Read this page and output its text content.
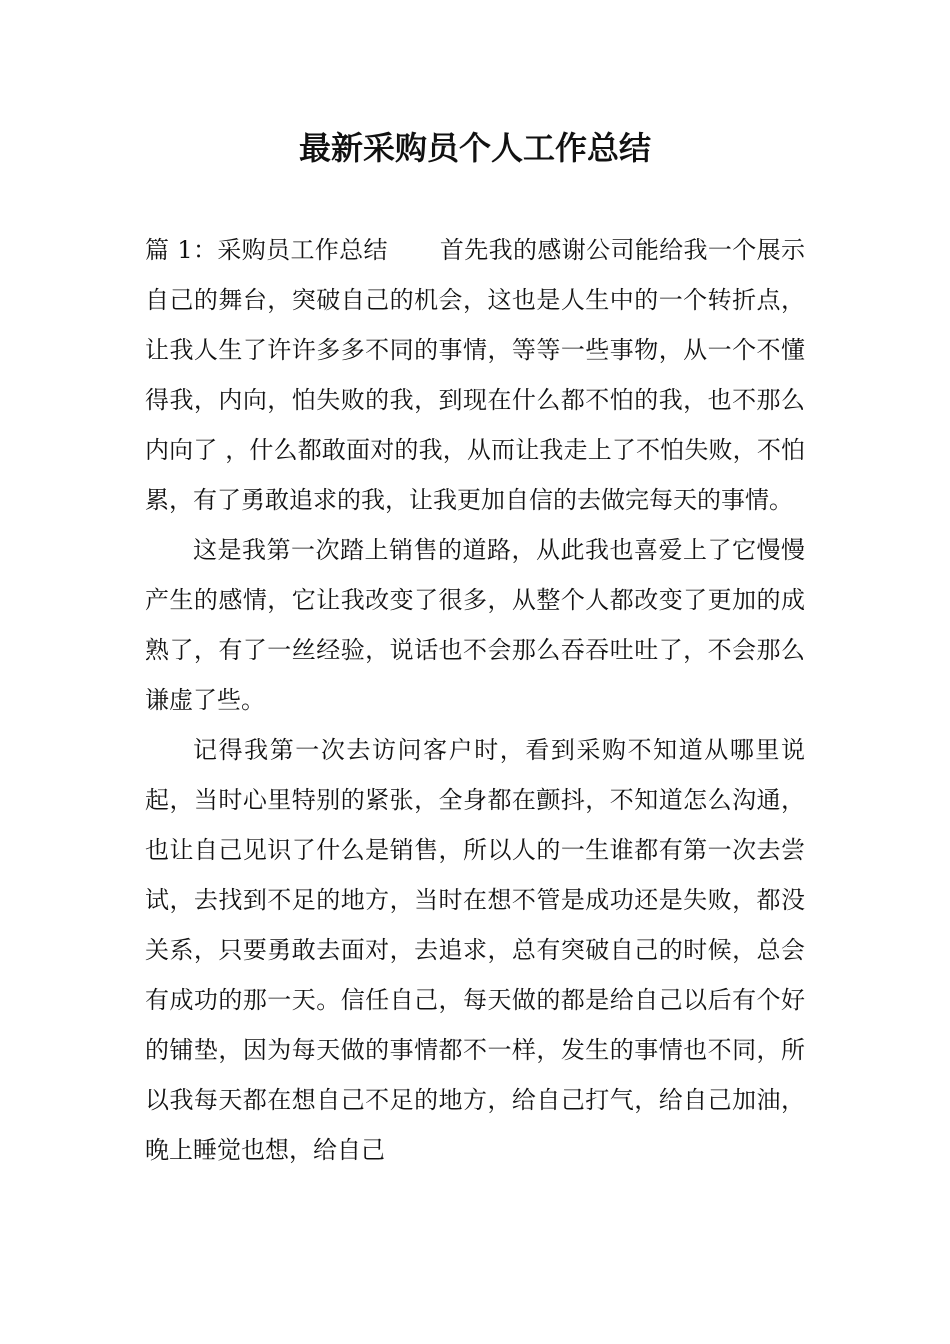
最新采购员个人工作总结

篇 1：采购员工作总结 首先我的感谢公司能给我一个展示自己的舞台，突破自己的机会，这也是人生中的一个转折点，让我人生了许许多多不同的事情，等等一些事物，从一个不懂得我，内向，怕失败的我，到现在什么都不怕的我，也不那么内向了 ，什么都敢面对的我，从而让我走上了不怕失败，不怕累，有了勇敢追求的我，让我更加自信的去做完每天的事情。

这是我第一次踏上销售的道路，从此我也喜爱上了它慢慢产生的感情，它让我改变了很多，从整个人都改变了更加的成熟了，有了一丝经验，说话也不会那么吞吞吐吐了，不会那么谦虚了些。

记得我第一次去访问客户时，看到采购不知道从哪里说起，当时心里特别的紧张，全身都在颤抖，不知道怎么沟通，也让自己见识了什么是销售，所以人的一生谁都有第一次去尝试，去找到不足的地方，当时在想不管是成功还是失败，都没关系，只要勇敢去面对，去追求，总有突破自己的时候，总会有成功的那一天。信任自己，每天做的都是给自己以后有个好的铺垫，因为每天做的事情都不一样，发生的事情也不同，所以我每天都在想自己不足的地方，给自己打气，给自己加油，晚上睡觉也想，给自己
